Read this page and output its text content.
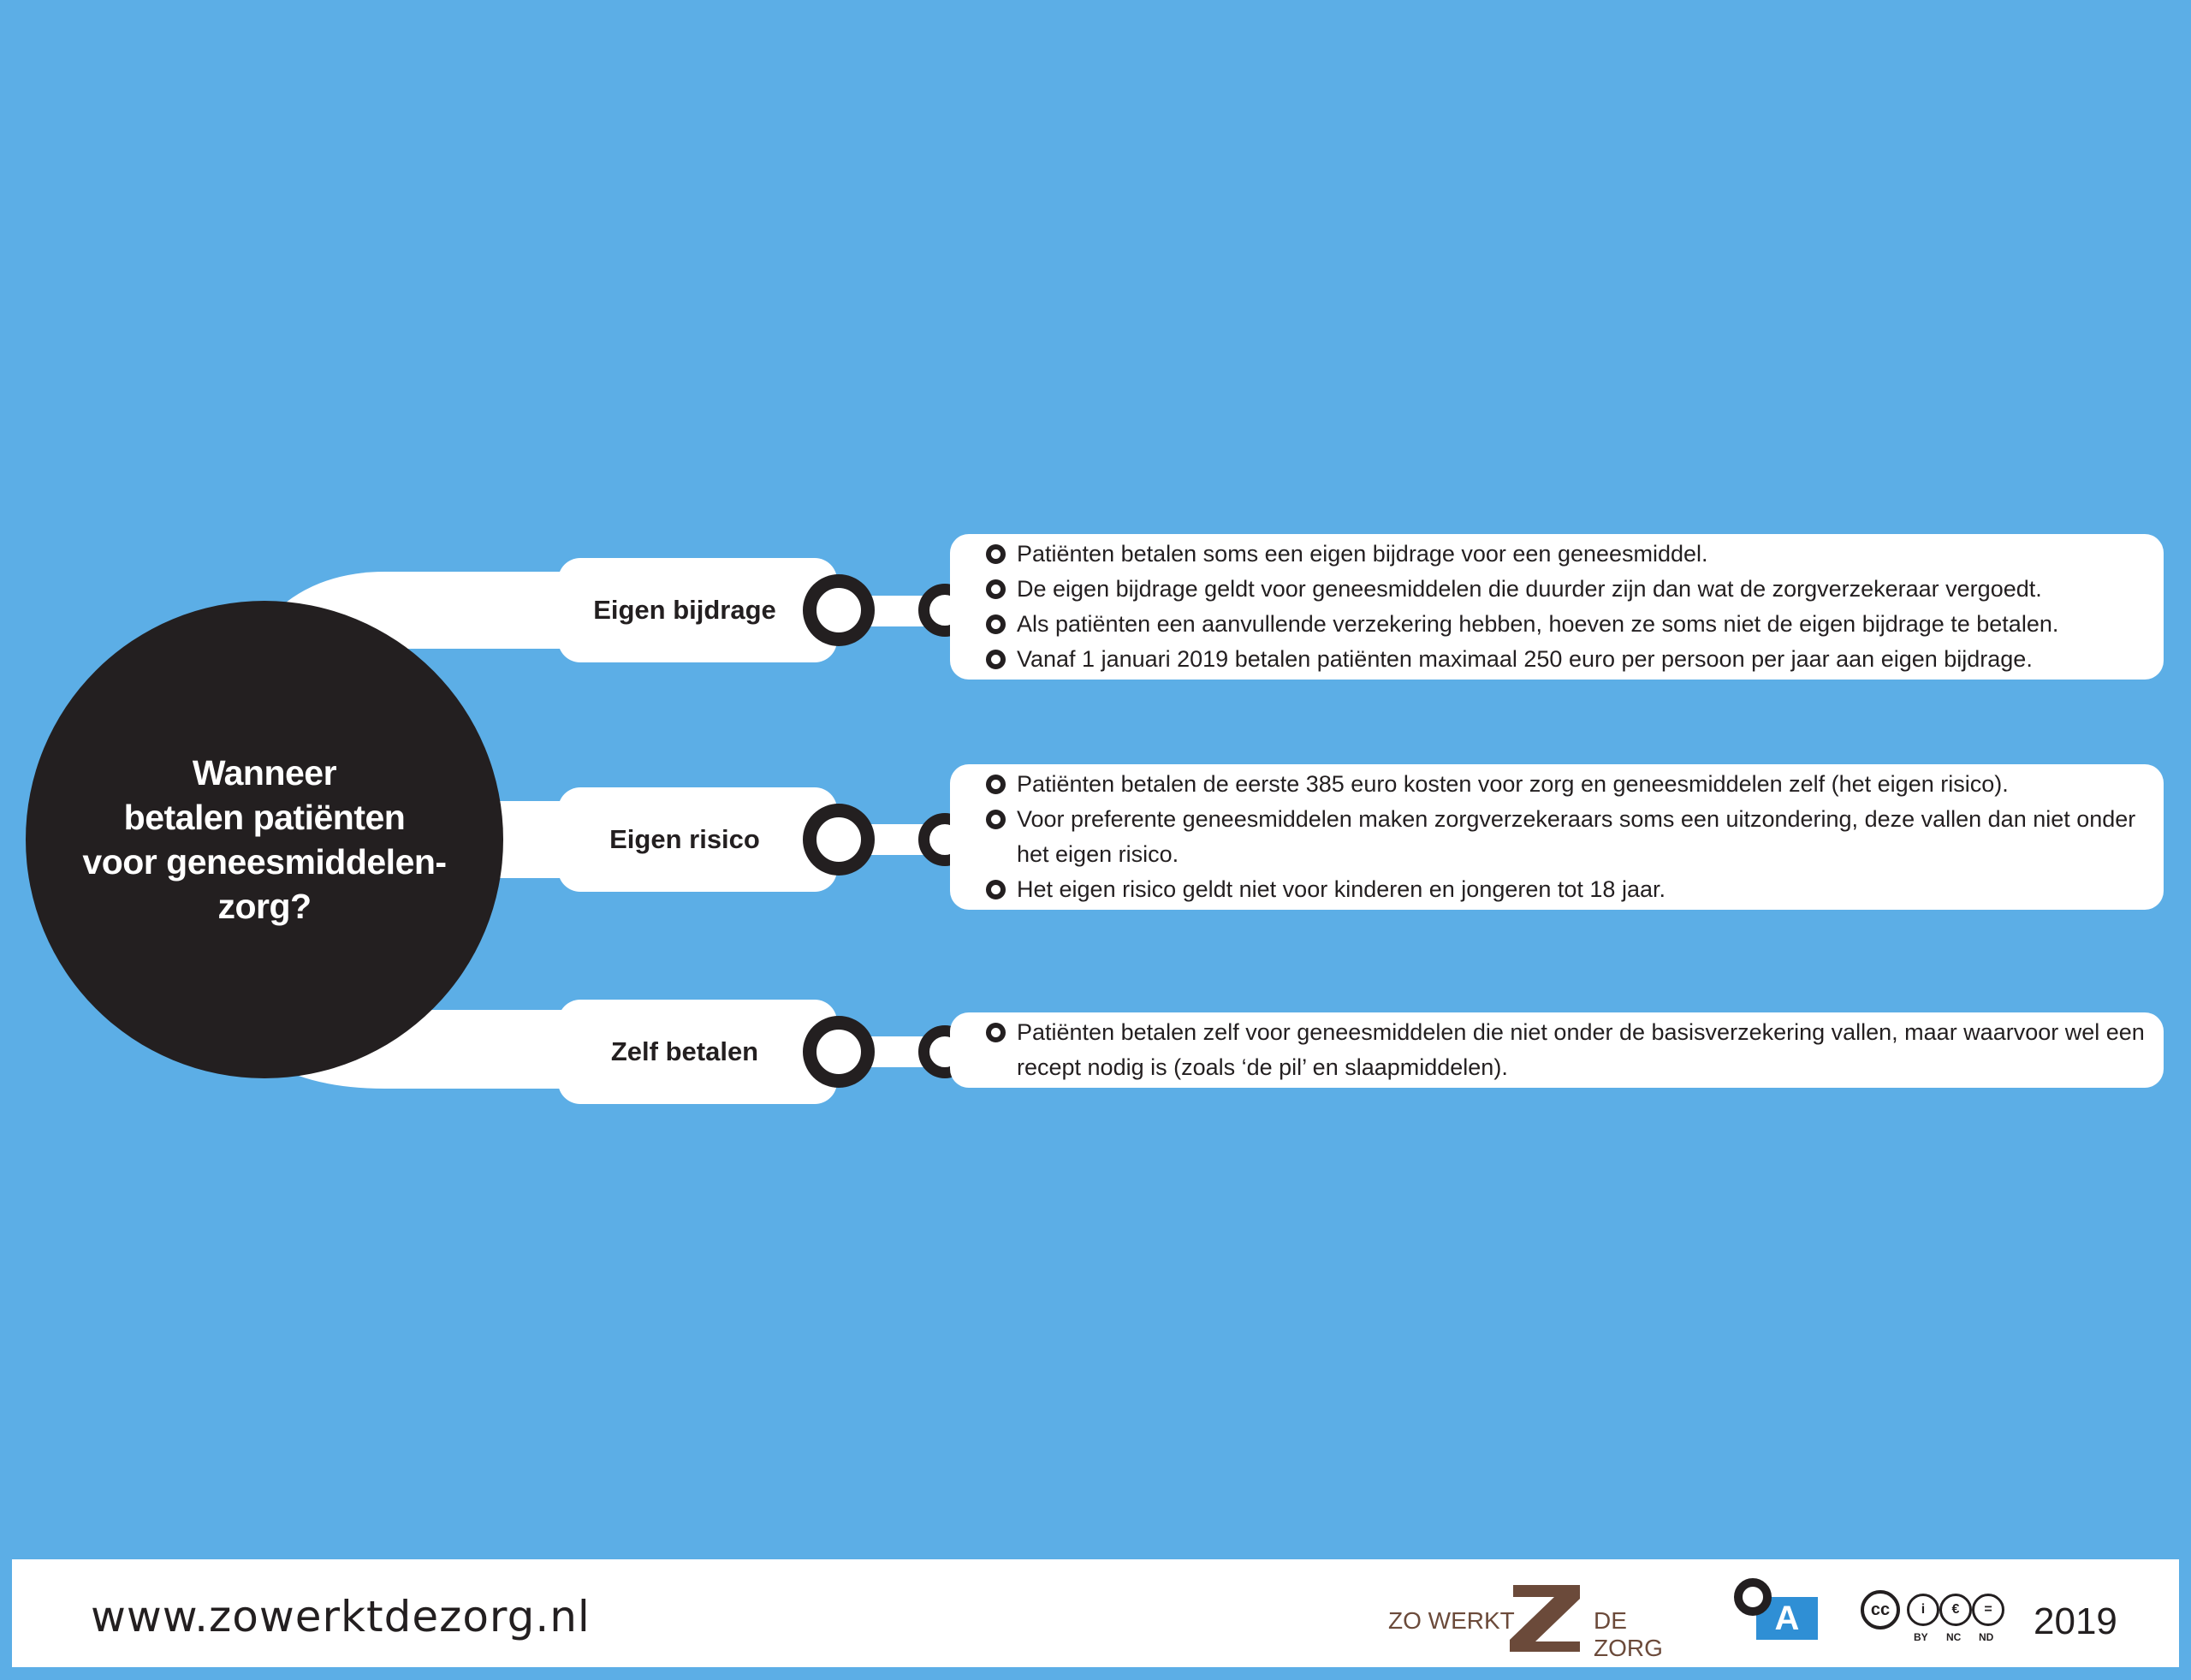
Wanneer
betalen patiënten
voor geneesmiddelen-
zorg?
Eigen bijdrage
Patiënten betalen soms een eigen bijdrage voor een geneesmiddel.
De eigen bijdrage geldt voor geneesmiddelen die duurder zijn dan wat de zorgverzekeraar vergoedt.
Als patiënten een aanvullende verzekering hebben, hoeven ze soms niet de eigen bijdrage te betalen.
Vanaf 1 januari 2019 betalen patiënten maximaal 250 euro per persoon per jaar aan eigen bijdrage.
Eigen risico
Patiënten betalen de eerste 385 euro kosten voor zorg en geneesmiddelen zelf (het eigen risico).
Voor preferente geneesmiddelen maken zorgverzekeraars soms een uitzondering, deze vallen dan niet onder het eigen risico.
Het eigen risico geldt niet voor kinderen en jongeren tot 18 jaar.
Zelf betalen
Patiënten betalen zelf voor geneesmiddelen die niet onder de basisverzekering vallen, maar waarvoor wel een recept nodig is (zoals ‘de pil’ en slaapmiddelen).
www.zowerktdezorg.nl	ZO WERKT	DE ZORG
A	cc	i	€	=
BY NC ND 2019
